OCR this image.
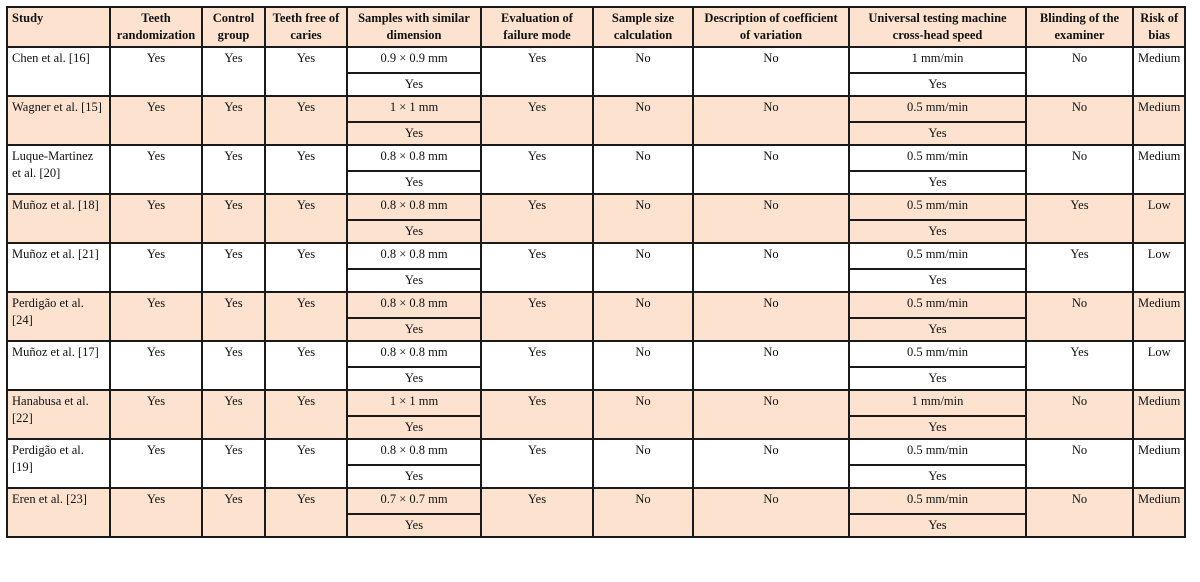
Study	Teeth randomization	Control group	Teeth free of caries	Samples with similar dimension	Evaluation of failure mode	Sample size calculation	Description of coefficient of variation	Universal testing machine cross-head speed	Blinding of the examiner	Risk of bias
Chen et al. [16]	Yes	Yes	Yes	0.9 × 0.9 mm	Yes	No	No	1 mm/min	No	Medium
				Yes				Yes		
Wagner et al. [15]	Yes	Yes	Yes	1 × 1 mm	Yes	No	No	0.5 mm/min	No	Medium
				Yes				Yes		
Luque-Martinez et al. [20]	Yes	Yes	Yes	0.8 × 0.8 mm	Yes	No	No	0.5 mm/min	No	Medium
				Yes				Yes		
Muñoz et al. [18]	Yes	Yes	Yes	0.8 × 0.8 mm	Yes	No	No	0.5 mm/min	Yes	Low
				Yes				Yes		
Muñoz et al. [21]	Yes	Yes	Yes	0.8 × 0.8 mm	Yes	No	No	0.5 mm/min	Yes	Low
				Yes				Yes		
Perdigão et al. [24]	Yes	Yes	Yes	0.8 × 0.8 mm	Yes	No	No	0.5 mm/min	No	Medium
				Yes				Yes		
Muñoz et al. [17]	Yes	Yes	Yes	0.8 × 0.8 mm	Yes	No	No	0.5 mm/min	Yes	Low
				Yes				Yes		
Hanabusa et al. [22]	Yes	Yes	Yes	1 × 1 mm	Yes	No	No	1 mm/min	No	Medium
				Yes				Yes		
Perdigão et al. [19]	Yes	Yes	Yes	0.8 × 0.8 mm	Yes	No	No	0.5 mm/min	No	Medium
				Yes				Yes		
Eren et al. [23]	Yes	Yes	Yes	0.7 × 0.7 mm	Yes	No	No	0.5 mm/min	No	Medium
				Yes				Yes		
